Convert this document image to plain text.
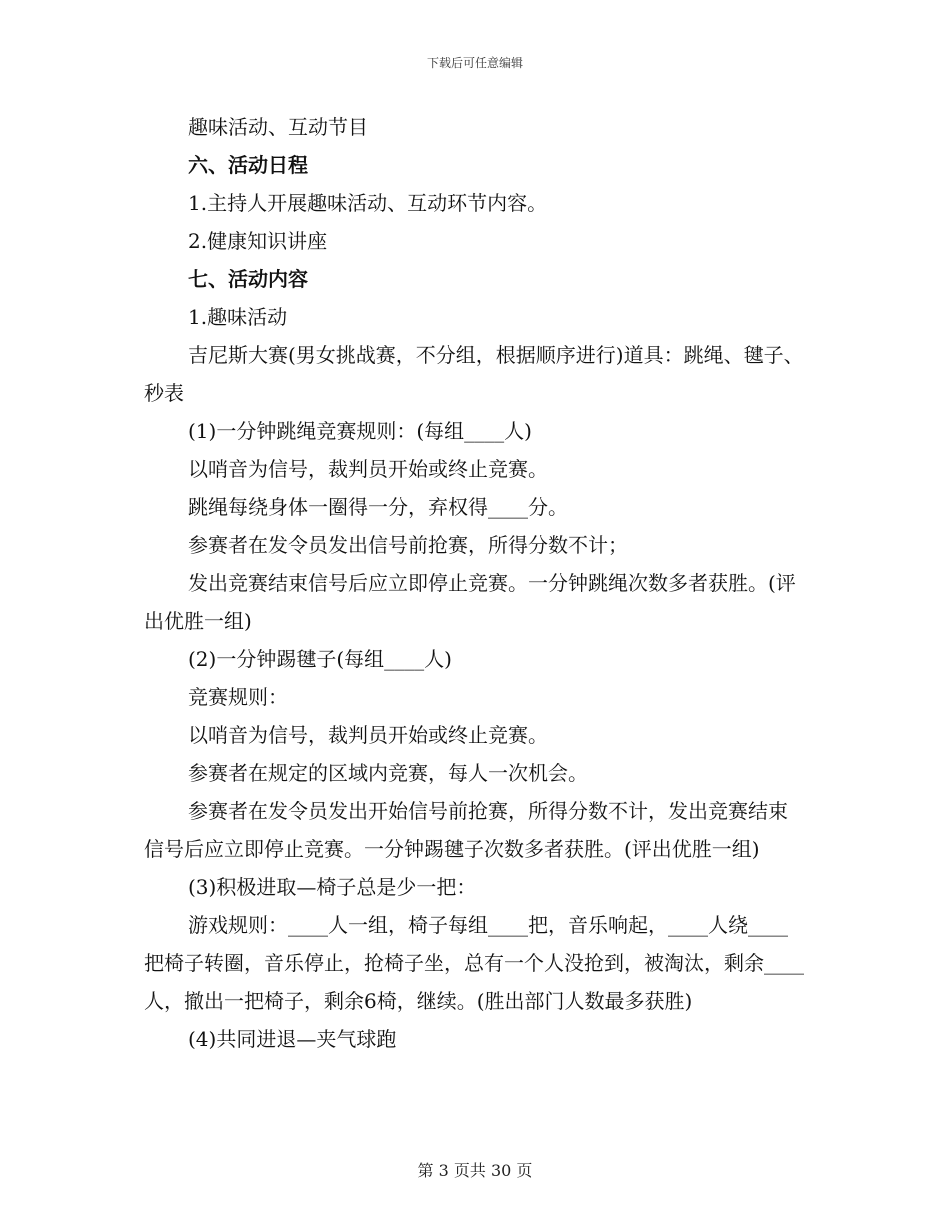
下载后可任意编辑

趣味活动、互动节目

六、活动日程

1.主持人开展趣味活动、互动环节内容。

2.健康知识讲座

七、活动内容

1.趣味活动

吉尼斯大赛(男女挑战赛，不分组，根据顺序进行)道具：跳绳、毽子、秒表

(1)一分钟跳绳竞赛规则：(每组____人)

以哨音为信号，裁判员开始或终止竞赛。

跳绳每绕身体一圈得一分，弃权得____分。

参赛者在发令员发出信号前抢赛，所得分数不计；

发出竞赛结束信号后应立即停止竞赛。一分钟跳绳次数多者获胜。(评出优胜一组)

(2)一分钟踢毽子(每组____人)

竞赛规则：

以哨音为信号，裁判员开始或终止竞赛。

参赛者在规定的区域内竞赛，每人一次机会。

参赛者在发令员发出开始信号前抢赛，所得分数不计，发出竞赛结束信号后应立即停止竞赛。一分钟踢毽子次数多者获胜。(评出优胜一组)

(3)积极进取—椅子总是少一把：

游戏规则：____人一组，椅子每组____把，音乐响起，____人绕____把椅子转圈，音乐停止，抢椅子坐，总有一个人没抢到，被淘汰，剩余____人，撤出一把椅子，剩余6椅，继续。(胜出部门人数最多获胜)

(4)共同进退—夹气球跑

第 3 页共 30 页
